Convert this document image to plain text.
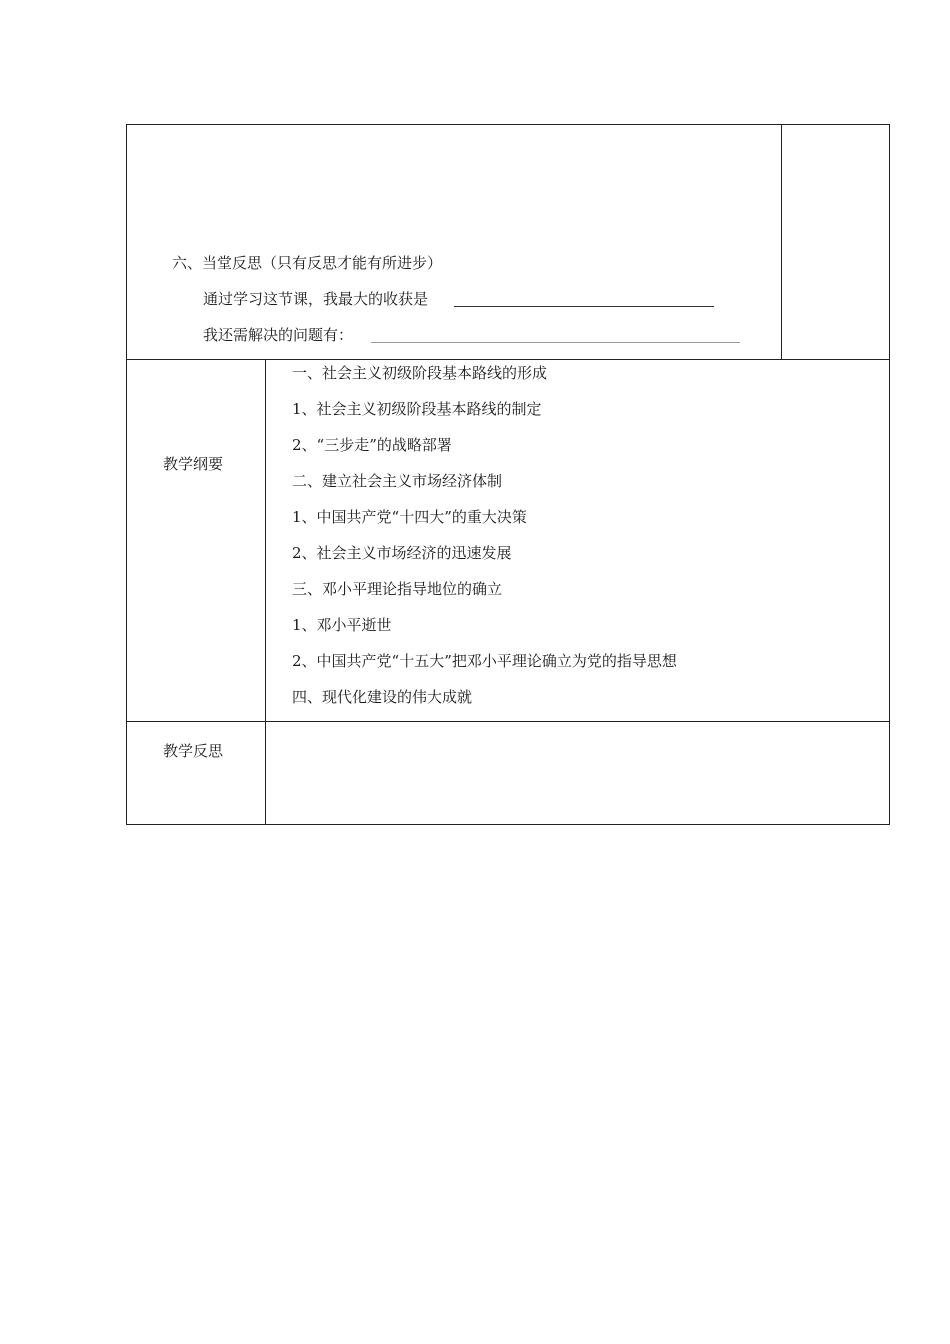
六、当堂反思（只有反思才能有所进步）
通过学习这节课，我最大的收获是
我还需解决的问题有：
教学纲要
一、社会主义初级阶段基本路线的形成
1、社会主义初级阶段基本路线的制定
2、“三步走”的战略部署
二、建立社会主义市场经济体制
1、中国共产党“十四大”的重大决策
2、社会主义市场经济的迅速发展
三、邓小平理论指导地位的确立
1、邓小平逝世
2、中国共产党“十五大”把邓小平理论确立为党的指导思想
四、现代化建设的伟大成就
教学反思
